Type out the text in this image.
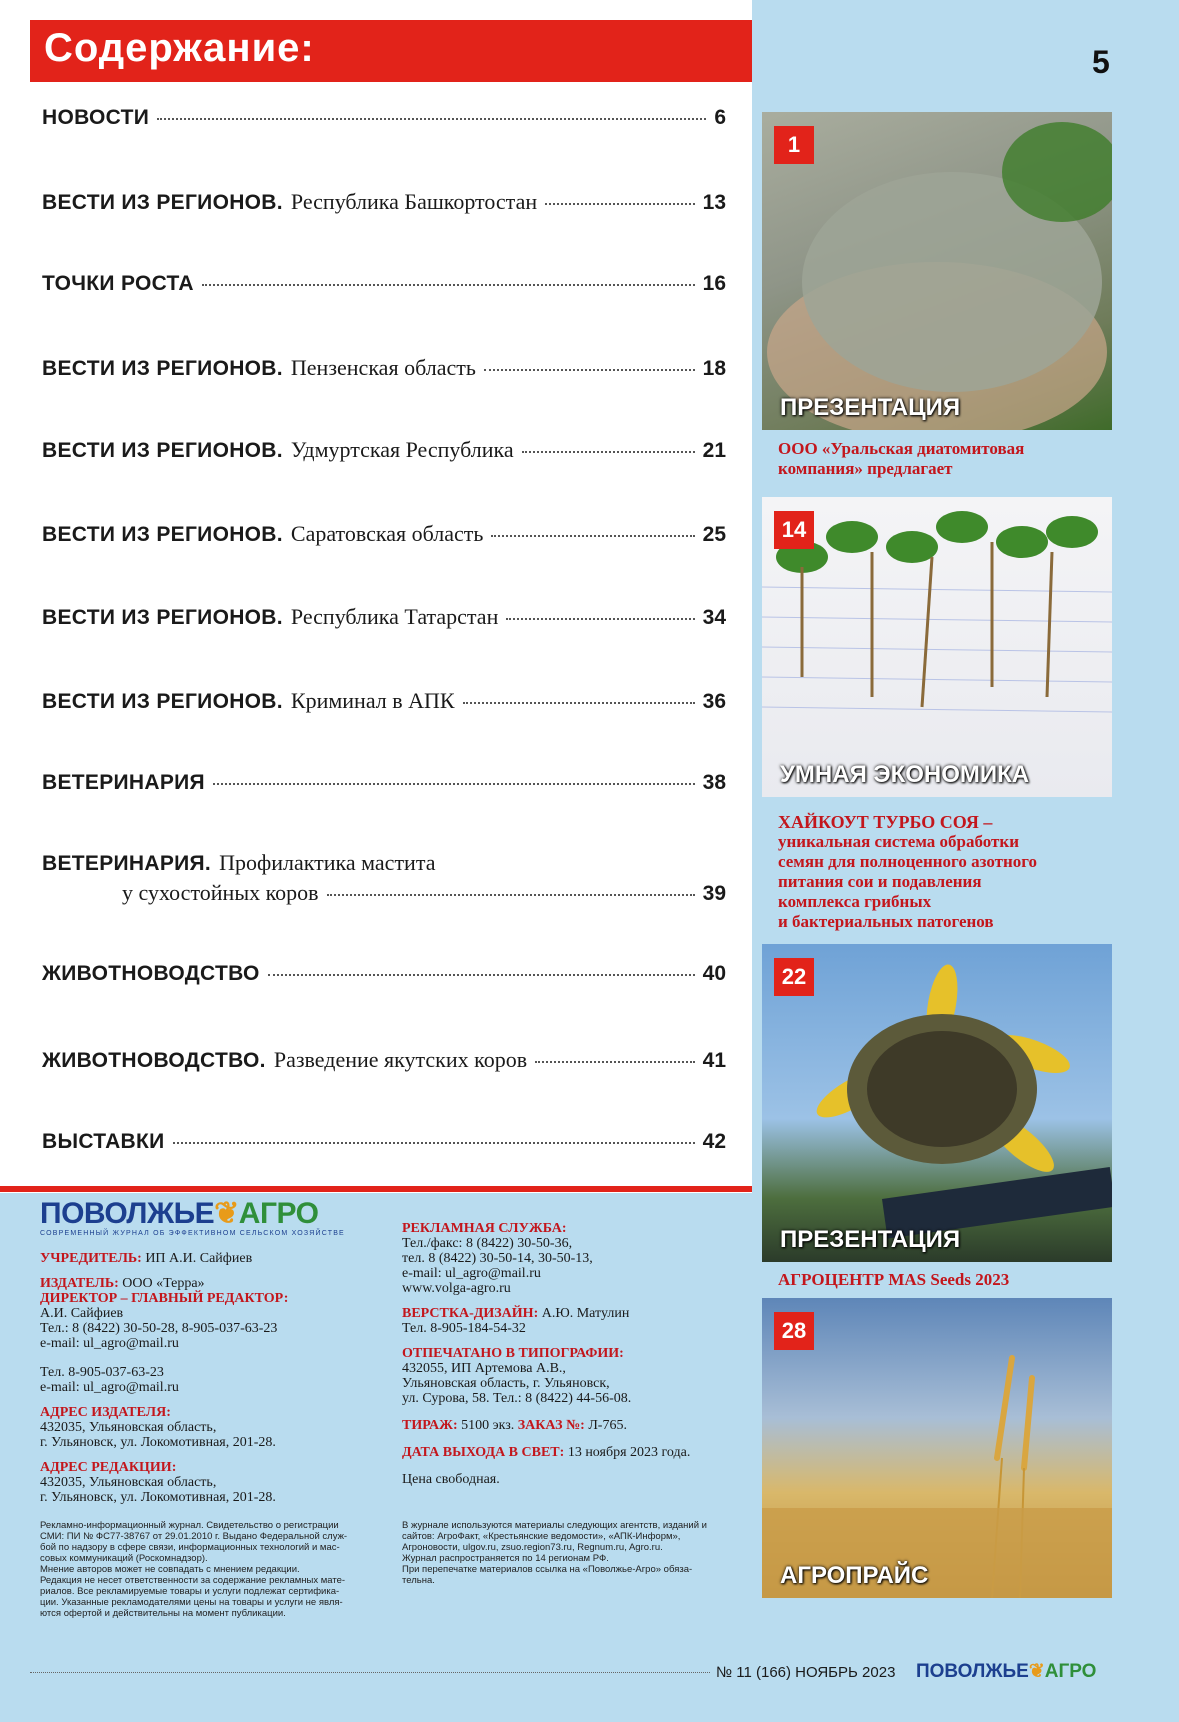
Содержание:	5
НОВОСТИ	6
ВЕСТИ ИЗ РЕГИОНОВ. Республика Башкортостан	13
ТОЧКИ РОСТА	16
ВЕСТИ ИЗ РЕГИОНОВ. Пензенская область	18
ВЕСТИ ИЗ РЕГИОНОВ. Удмуртская Республика	21
ВЕСТИ ИЗ РЕГИОНОВ. Саратовская область	25
ВЕСТИ ИЗ РЕГИОНОВ. Республика Татарстан	34
ВЕСТИ ИЗ РЕГИОНОВ. Криминал в АПК	36
ВЕТЕРИНАРИЯ	38
ВЕТЕРИНАРИЯ. Профилактика мастита
у сухостойных коров	39
ЖИВОТНОВОДСТВО	40
ЖИВОТНОВОДСТВО. Разведение якутских коров	41
ВЫСТАВКИ	42
1
ПРЕЗЕНТАЦИЯ
ООО «Уральская диатомитовая
компания» предлагает
14
УМНАЯ ЭКОНОМИКА
ХАЙКОУТ ТУРБО СОЯ –
уникальная система обработки
семян для полноценного азотного
питания сои и подавления
комплекса грибных
и бактериальных патогенов
22
ПРЕЗЕНТАЦИЯ
АГРОЦЕНТР MAS Seeds 2023
28
АГРОПРАЙС
ПОВОЛЖЬЕ❦АГРО
СОВРЕМЕННЫЙ ЖУРНАЛ ОБ ЭФФЕКТИВНОМ СЕЛЬСКОМ ХОЗЯЙСТВЕ
УЧРЕДИТЕЛЬ: ИП А.И. Сайфиев
ИЗДАТЕЛЬ: ООО «Терра»
ДИРЕКТОР – ГЛАВНЫЙ РЕДАКТОР:
А.И. Сайфиев
Тел.: 8 (8422) 30-50-28, 8-905-037-63-23
e-mail: ul_agro@mail.ru
Тел. 8-905-037-63-23
e-mail: ul_agro@mail.ru
АДРЕС ИЗДАТЕЛЯ:
432035, Ульяновская область,
г. Ульяновск, ул. Локомотивная, 201-28.
АДРЕС РЕДАКЦИИ:
432035, Ульяновская область,
г. Ульяновск, ул. Локомотивная, 201-28.
РЕКЛАМНАЯ СЛУЖБА:
Тел./факс: 8 (8422) 30-50-36,
тел. 8 (8422) 30-50-14, 30-50-13,
e-mail: ul_agro@mail.ru
www.volga-agro.ru
ВЕРСТКА-ДИЗАЙН: А.Ю. Матулин
Тел. 8-905-184-54-32
ОТПЕЧАТАНО В ТИПОГРАФИИ:
432055, ИП Артемова А.В.,
Ульяновская область, г. Ульяновск,
ул. Сурова, 58. Тел.: 8 (8422) 44-56-08.
ТИРАЖ: 5100 экз. ЗАКАЗ №: Л-765.
ДАТА ВЫХОДА В СВЕТ: 13 ноября 2023 года.
Цена свободная.
Рекламно-информационный журнал. Свидетельство о регистрации
СМИ: ПИ № ФС77-38767 от 29.01.2010 г. Выдано Федеральной служ-
бой по надзору в сфере связи, информационных технологий и мас-
совых коммуникаций (Роскомнадзор).
Мнение авторов может не совпадать с мнением редакции.
Редакция не несет ответственности за содержание рекламных мате-
риалов. Все рекламируемые товары и услуги подлежат сертифика-
ции. Указанные рекламодателями цены на товары и услуги не явля-
ются офертой и действительны на момент публикации.
В журнале используются материалы следующих агентств, изданий и
сайтов: АгроФакт, «Крестьянские ведомости», «АПК-Информ»,
Агроновости, ulgov.ru, zsuo.region73.ru, Regnum.ru, Agro.ru.
Журнал распространяется по 14 регионам РФ.
При перепечатке материалов ссылка на «Поволжье-Агро» обяза-
тельна.
№ 11 (166) НОЯБРЬ 2023 ПОВОЛЖЬЕ❦АГРО
